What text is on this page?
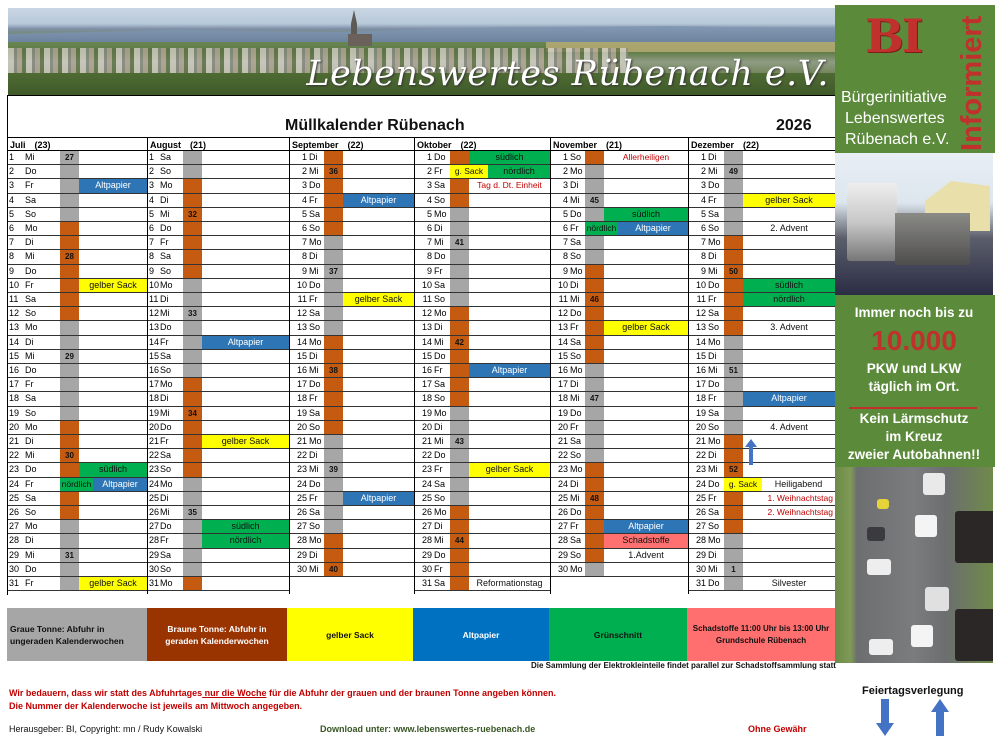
Lebenswertes Rübenach e.V.
Müllkalender Rübenach	2026
Juli (23)
1	Mi	27
2	Do
3	Fr	Altpapier
4	Sa
5	So
6	Mo
7	Di
8	Mi	28
9	Do
10 Fr	gelber Sack
11 Sa
12 So
13 Mo
14 Di
15 Mi	29
16 Do
17 Fr
18 Sa
19 So
20 Mo
21 Di
22 Mi	30
23 Do	südlich
24 Fr	nördlich	Altpapier
25 Sa
26 So
27 Mo
28 Di
29 Mi	31
30 Do
31 Fr	gelber Sack
August (21)
1 Sa
2 So
3 Mo
4 Di
5 Mi	32
6 Do
7 Fr
8 Sa
9 So
10 Mo
11 Di
12 Mi	33
13 Do
14 Fr	Altpapier
15 Sa
16 So
17 Mo
18 Di
19 Mi	34
20 Do
21 Fr	gelber Sack
22 Sa
23 So
24 Mo
25 Di
26 Mi	35
27 Do	südlich
28 Fr	nördlich
29 Sa
30 So
31 Mo
September (22)
1 Di
2 Mi	36
3 Do
4 Fr	Altpapier
5 Sa
6 So
7 Mo
8 Di
9 Mi	37
10 Do
11 Fr	gelber Sack
12 Sa
13 So
14 Mo
15 Di
16 Mi	38
17 Do
18 Fr
19 Sa
20 So
21 Mo
22 Di
23 Mi	39
24 Do
25 Fr	Altpapier
26 Sa
27 So
28 Mo
29 Di
30 Mi	40
Oktober (22)
1 Do	südlich
2 Fr	g. Sack	nördlich
3 Sa	Tag d. Dt. Einheit
4 So
5 Mo
6 Di
7 Mi	41
8 Do
9 Fr
10 Sa
11 So
12 Mo
13 Di
14 Mi	42
15 Do
16 Fr	Altpapier
17 Sa
18 So
19 Mo
20 Di
21 Mi	43
22 Do
23 Fr	gelber Sack
24 Sa
25 So
26 Mo
27 Di
28 Mi	44
29 Do
30 Fr
31 Sa	Reformationstag
November (21)
1 So	Allerheiligen
2 Mo
3 Di
4 Mi	45
5 Do	südlich
6 Fr nördlich	Altpapier
7 Sa
8 So
9 Mo
10 Di
11 Mi	46
12 Do
13 Fr	gelber Sack
14 Sa
15 So
16 Mo
17 Di
18 Mi	47
19 Do
20 Fr
21 Sa
22 So
23 Mo
24 Di
25 Mi	48
26 Do
27 Fr	Altpapier
28 Sa	Schadstoffe
29 So	1.Advent
30 Mo
Dezember (22)
1 Di
2 Mi	49
3 Do
4 Fr	gelber Sack
5 Sa
6 So	2. Advent
7 Mo
8 Di
9 Mi	50
10 Do	südlich
11 Fr	nördlich
12 Sa
13 So	3. Advent
14 Mo
15 Di
16 Mi	51
17 Do
18 Fr	Altpapier
19 Sa
20 So	4. Advent
21 Mo
22 Di
23 Mi	52
24 Do	g. Sack	Heiligabend
25 Fr	1. Weihnachtstag
26 Sa	2. Weihnachtstag
27 So
28 Mo
29 Di
30 Mi	1
31 Do	Silvester
BI Informiert
Bürgerinitiative
Lebenswertes
Rübenach e.V.
Immer noch bis zu
10.000
PKW und LKW
täglich im Ort.
Kein Lärmschutz
im Kreuz
zweier Autobahnen!!
Graue Tonne: Abfuhr in ungeraden Kalenderwochen
Braune Tonne: Abfuhr in geraden Kalenderwochen
gelber Sack	Altpapier	Grünschnitt
Schadstoffe 11:00 Uhr bis 13:00 Uhr Grundschule Rübenach
Die Sammlung der Elektrokleinteile findet parallel zur Schadstoffsammlung statt
Wir bedauern, dass wir statt des Abfuhrtages nur die Woche für die Abfuhr der grauen und der braunen Tonne angeben können.
Die Nummer der Kalenderwoche ist jeweils am Mittwoch angegeben.
Herausgeber: BI, Copyright: mn / Rudy Kowalski	Download unter: www.lebenswertes-ruebenach.de	Ohne Gewähr
Feiertagsverlegung
